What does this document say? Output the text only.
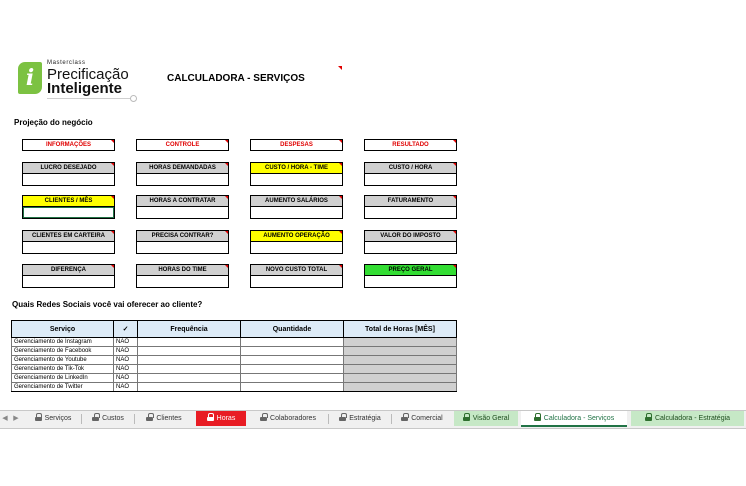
i
Masterclass
Precificação
Inteligente
CALCULADORA - SERVIÇOS
Projeção do negócio
INFORMAÇÕES	CONTROLE	DESPESAS	RESULTADO
LUCRO DESEJADO	HORAS DEMANDADAS	CUSTO / HORA - TIME	CUSTO / HORA
CLIENTES / MÊS	HORAS A CONTRATAR	AUMENTO SALÁRIOS	FATURAMENTO
CLIENTES EM CARTEIRA	PRECISA CONTRAR?	AUMENTO OPERAÇÃO	VALOR DO IMPOSTO
DIFERENÇA	HORAS DO TIME	NOVO CUSTO TOTAL	PREÇO GERAL
Quais Redes Sociais você vai oferecer ao cliente?
Serviço	✓	Frequência	Quantidade	Total de Horas [MÊS]
Gerenciamento de Instagram	NÃO			
Gerenciamento de Facebook	NÃO			
Gerenciamento de Youtube	NÃO			
Gerenciamento de Tik-Tok	NÃO			
Gerenciamento de LinkedIn	NÃO			
Gerenciamento de Twitter	NÃO			
◀ ▶	Serviços	Custos	Clientes	Horas	Colaboradores	Estratégia	Comercial	Visão Geral	Calculadora - Serviços	Calculadora - Estratégia
